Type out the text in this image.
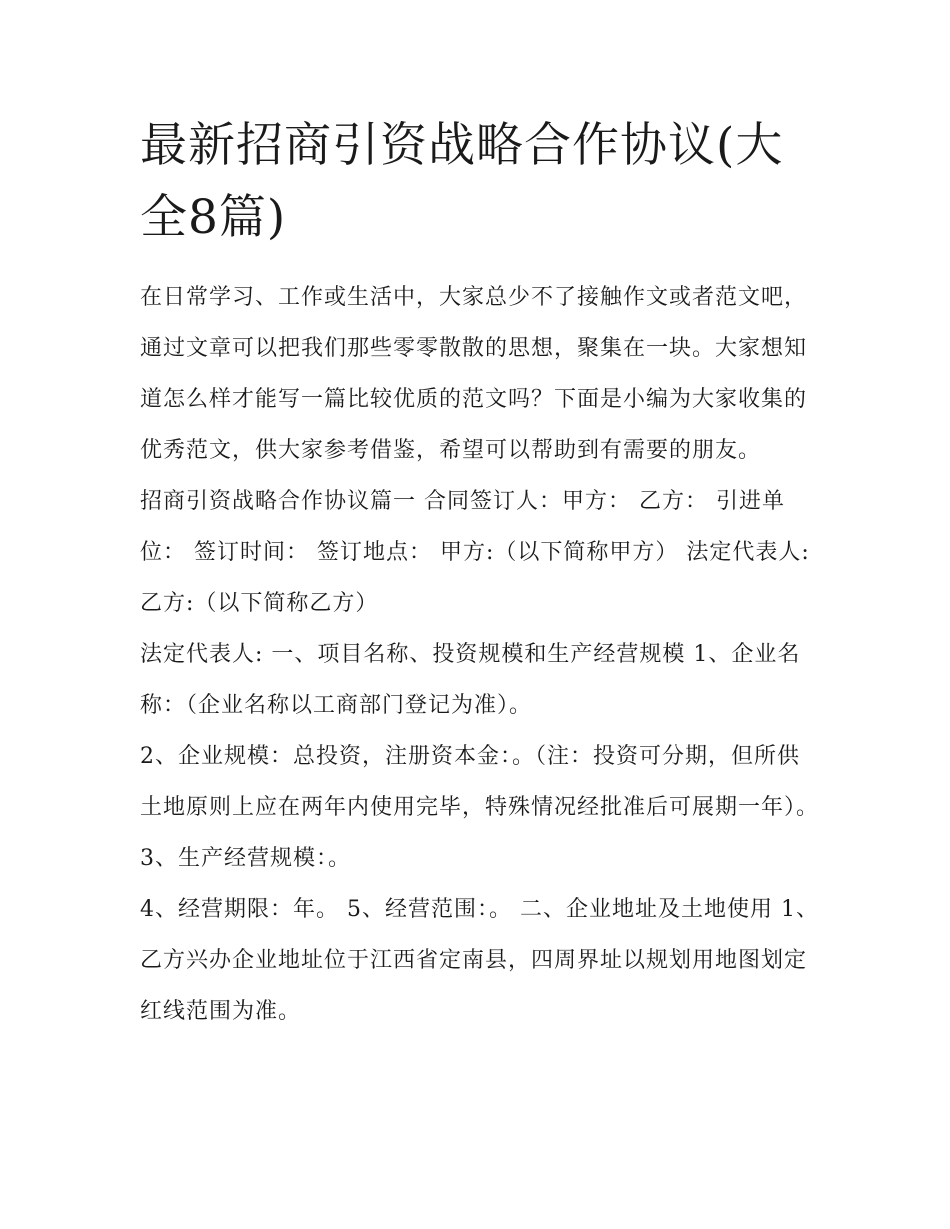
最新招商引资战略合作协议(大全8篇)

在日常学习、工作或生活中，大家总少不了接触作文或者范文吧，通过文章可以把我们那些零零散散的思想，聚集在一块。大家想知道怎么样才能写一篇比较优质的范文吗？下面是小编为大家收集的优秀范文，供大家参考借鉴，希望可以帮助到有需要的朋友。

招商引资战略合作协议篇一 合同签订人：甲方： 乙方： 引进单位： 签订时间： 签订地点： 甲方:（以下简称甲方） 法定代表人: 乙方:（以下简称乙方）

法定代表人: 一、项目名称、投资规模和生产经营规模 1、企业名称：（企业名称以工商部门登记为准）。

2、企业规模：总投资，注册资本金：。（注：投资可分期，但所供土地原则上应在两年内使用完毕，特殊情况经批准后可展期一年）。 3、生产经营规模：。

4、经营期限：年。 5、经营范围：。 二、企业地址及土地使用 1、乙方兴办企业地址位于江西省定南县，四周界址以规划用地图划定红线范围为准。
